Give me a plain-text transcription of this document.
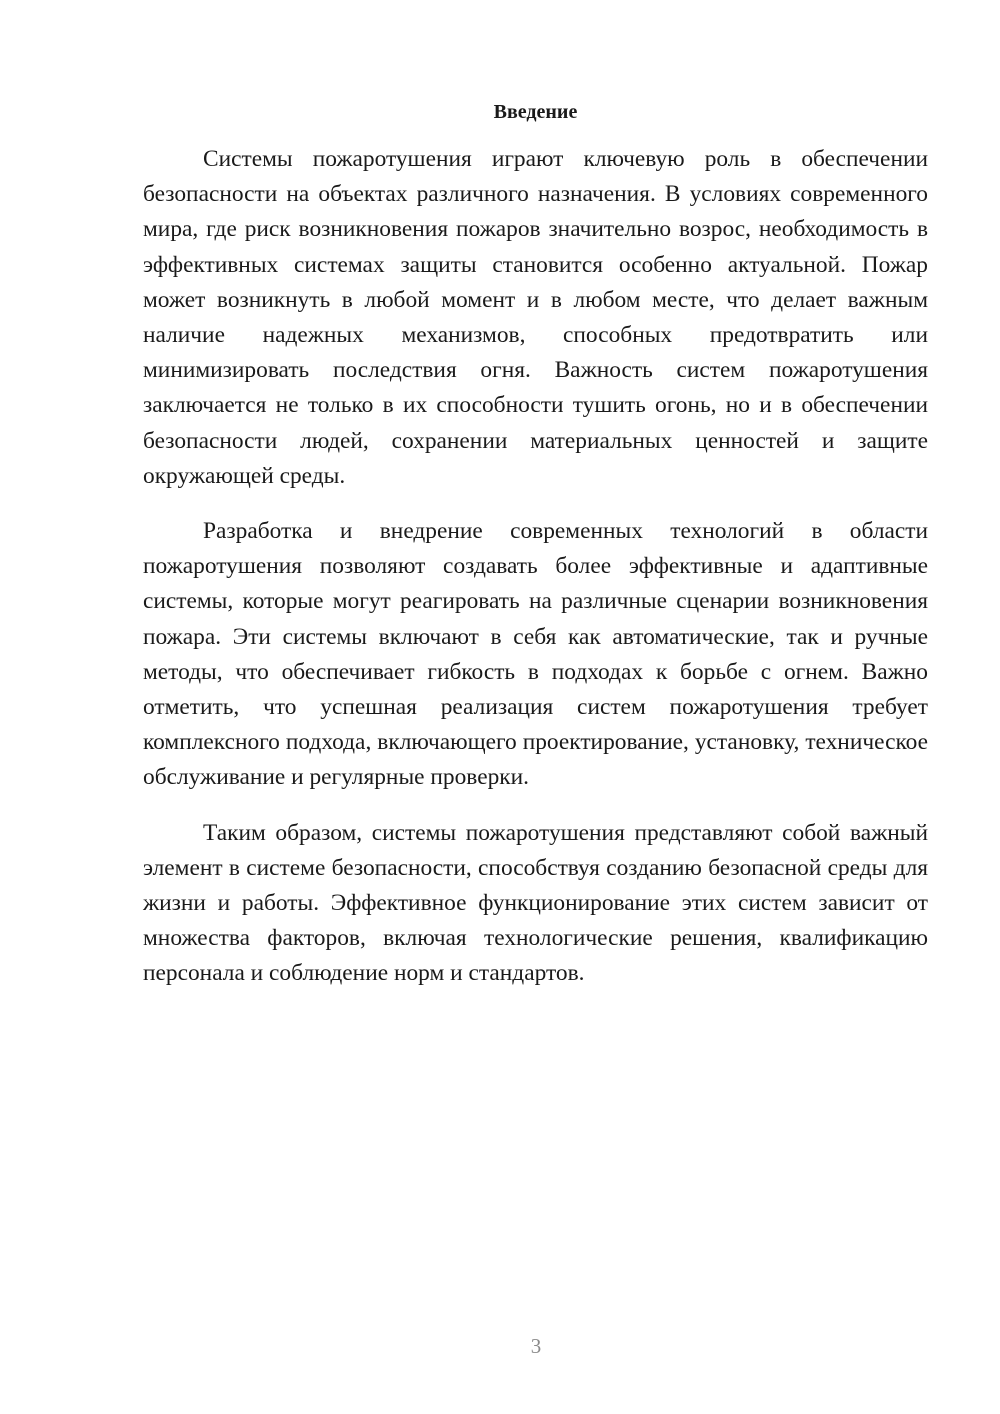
Введение

Системы пожаротушения играют ключевую роль в обеспечении безопасности на объектах различного назначения. В условиях современного мира, где риск возникновения пожаров значительно возрос, необходимость в эффективных системах защиты становится особенно актуальной. Пожар может возникнуть в любой момент и в любом месте, что делает важным наличие надежных механизмов, способных предотвратить или минимизировать последствия огня. Важность систем пожаротушения заключается не только в их способности тушить огонь, но и в обеспечении безопасности людей, сохранении материальных ценностей и защите окружающей среды.

Разработка и внедрение современных технологий в области пожаротушения позволяют создавать более эффективные и адаптивные системы, которые могут реагировать на различные сценарии возникновения пожара. Эти системы включают в себя как автоматические, так и ручные методы, что обеспечивает гибкость в подходах к борьбе с огнем. Важно отметить, что успешная реализация систем пожаротушения требует комплексного подхода, включающего проектирование, установку, техническое обслуживание и регулярные проверки.

Таким образом, системы пожаротушения представляют собой важный элемент в системе безопасности, способствуя созданию безопасной среды для жизни и работы. Эффективное функционирование этих систем зависит от множества факторов, включая технологические решения, квалификацию персонала и соблюдение норм и стандартов.

3
